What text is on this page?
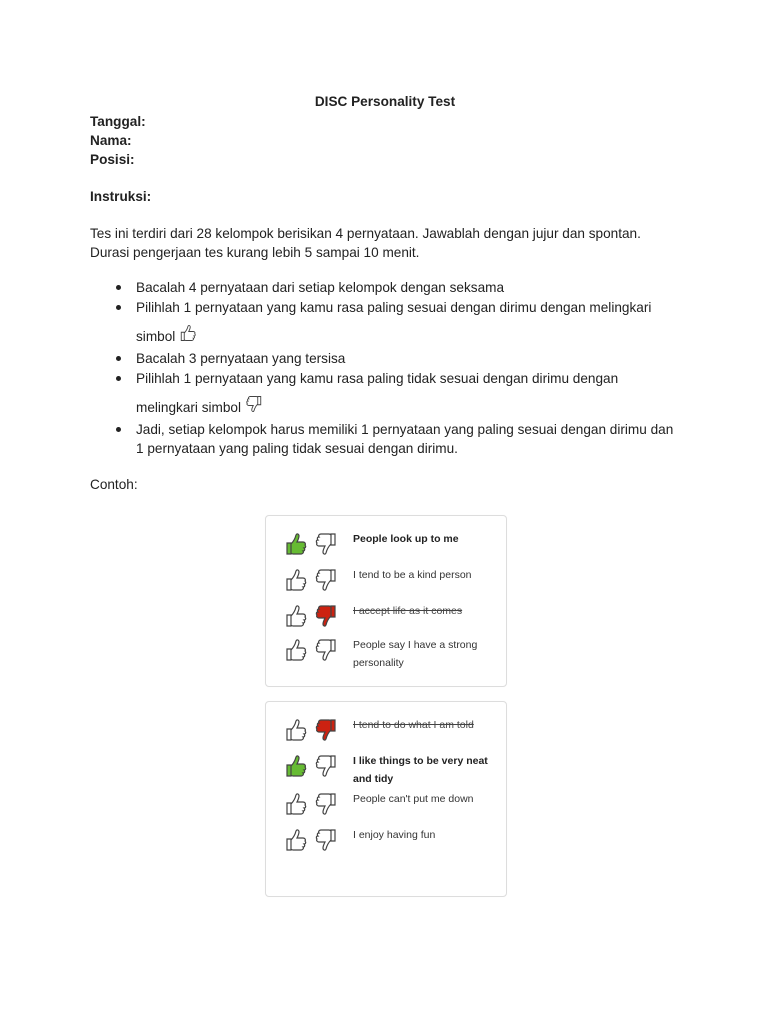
DISC Personality Test

Tanggal:

Nama:

Posisi:

Instruksi:

Tes ini terdiri dari 28 kelompok berisikan 4 pernyataan. Jawablah dengan jujur dan spontan. Durasi pengerjaan tes kurang lebih 5 sampai 10 menit.

Bacalah 4 pernyataan dari setiap kelompok dengan seksama
Pilihlah 1 pernyataan yang kamu rasa paling sesuai dengan dirimu dengan melingkari
simbol
Bacalah 3 pernyataan yang tersisa
Pilihlah 1 pernyataan yang kamu rasa paling tidak sesuai dengan dirimu dengan
melingkari simbol
Jadi, setiap kelompok harus memiliki 1 pernyataan yang paling sesuai dengan dirimu dan 1 pernyataan yang paling tidak sesuai dengan dirimu.

Contoh:

People look up to me
I tend to be a kind person
I accept life as it comes
People say I have a strong personality
I tend to do what I am told
I like things to be very neat and tidy
People can't put me down
I enjoy having fun
